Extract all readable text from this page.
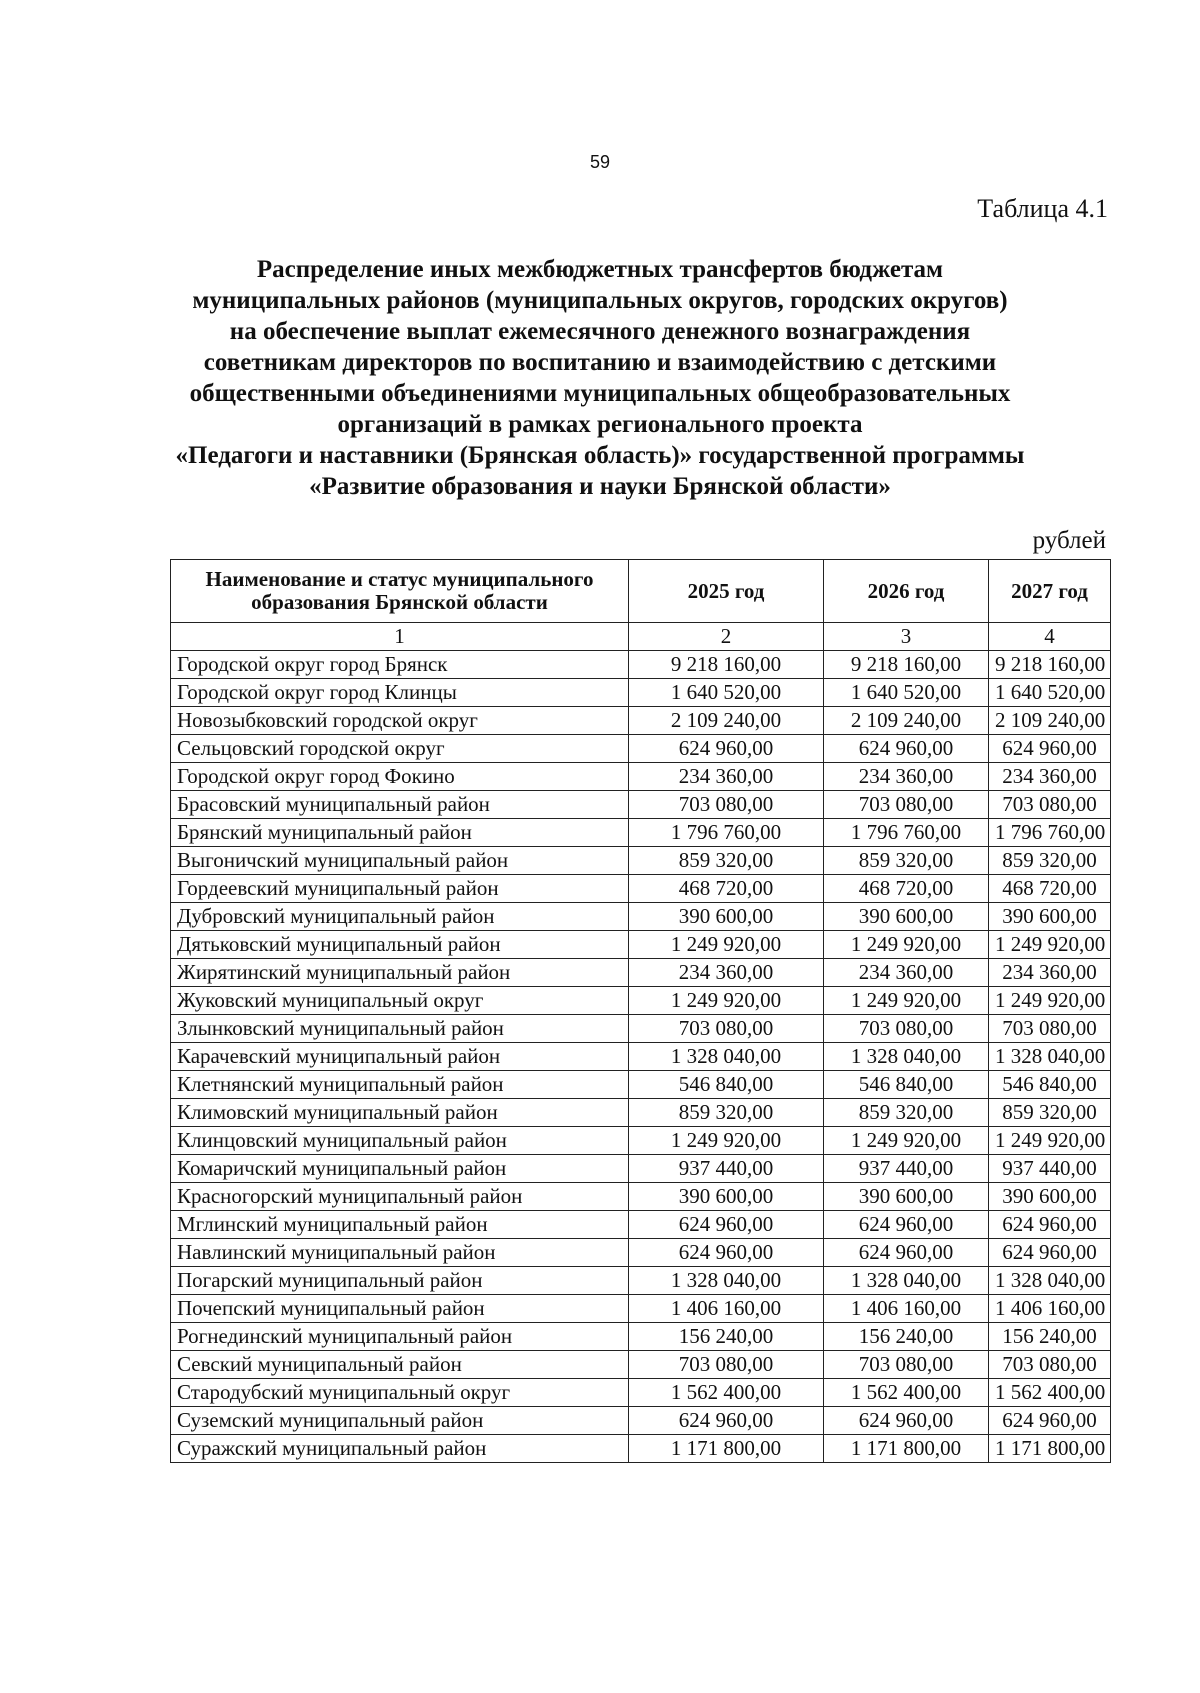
59
Таблица 4.1
Распределение иных межбюджетных трансфертов бюджетам
муниципальных районов (муниципальных округов, городских округов)
на обеспечение выплат ежемесячного денежного вознаграждения
советникам директоров по воспитанию и взаимодействию с детскими
общественными объединениями муниципальных общеобразовательных
организаций в рамках регионального проекта
«Педагоги и наставники (Брянская область)» государственной программы
«Развитие образования и науки Брянской области»
рублей
Наименование и статус муниципального образования Брянской области	2025 год	2026 год	2027 год
1	2	3	4
Городской округ город Брянск	9 218 160,00	9 218 160,00	9 218 160,00
Городской округ город Клинцы	1 640 520,00	1 640 520,00	1 640 520,00
Новозыбковский городской округ	2 109 240,00	2 109 240,00	2 109 240,00
Сельцовский городской округ	624 960,00	624 960,00	624 960,00
Городской округ город Фокино	234 360,00	234 360,00	234 360,00
Брасовский муниципальный район	703 080,00	703 080,00	703 080,00
Брянский муниципальный район	1 796 760,00	1 796 760,00	1 796 760,00
Выгоничский муниципальный район	859 320,00	859 320,00	859 320,00
Гордеевский муниципальный район	468 720,00	468 720,00	468 720,00
Дубровский муниципальный район	390 600,00	390 600,00	390 600,00
Дятьковский муниципальный район	1 249 920,00	1 249 920,00	1 249 920,00
Жирятинский муниципальный район	234 360,00	234 360,00	234 360,00
Жуковский муниципальный округ	1 249 920,00	1 249 920,00	1 249 920,00
Злынковский муниципальный район	703 080,00	703 080,00	703 080,00
Карачевский муниципальный район	1 328 040,00	1 328 040,00	1 328 040,00
Клетнянский муниципальный район	546 840,00	546 840,00	546 840,00
Климовский муниципальный район	859 320,00	859 320,00	859 320,00
Клинцовский муниципальный район	1 249 920,00	1 249 920,00	1 249 920,00
Комаричский муниципальный район	937 440,00	937 440,00	937 440,00
Красногорский муниципальный район	390 600,00	390 600,00	390 600,00
Мглинский муниципальный район	624 960,00	624 960,00	624 960,00
Навлинский муниципальный район	624 960,00	624 960,00	624 960,00
Погарский муниципальный район	1 328 040,00	1 328 040,00	1 328 040,00
Почепский муниципальный район	1 406 160,00	1 406 160,00	1 406 160,00
Рогнединский муниципальный район	156 240,00	156 240,00	156 240,00
Севский муниципальный район	703 080,00	703 080,00	703 080,00
Стародубский муниципальный округ	1 562 400,00	1 562 400,00	1 562 400,00
Суземский муниципальный район	624 960,00	624 960,00	624 960,00
Суражский муниципальный район	1 171 800,00	1 171 800,00	1 171 800,00
